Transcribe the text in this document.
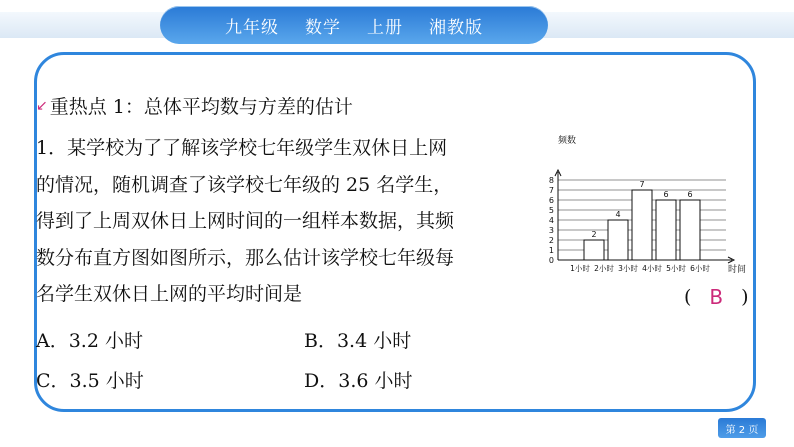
九年级 数学 上册 湘教版
↙ 重热点 1：总体平均数与方差的估计

1．某学校为了了解该学校七年级学生双休日上网

的情况，随机调查了该学校七年级的 25 名学生，

得到了上周双休日上网时间的一组样本数据，其频

数分布直方图如图所示，那么估计该学校七年级每

名学生双休日上网的平均时间是	( B )
A．3.2 小时	B．3.4 小时
C．3.5 小时	D．3.6 小时
频数
时间
0
1
2
3
4
5
6
7
8
2
4
7
6 6
1小时 2小时 3小时 4小时 5小时 6小时
第 2 页
